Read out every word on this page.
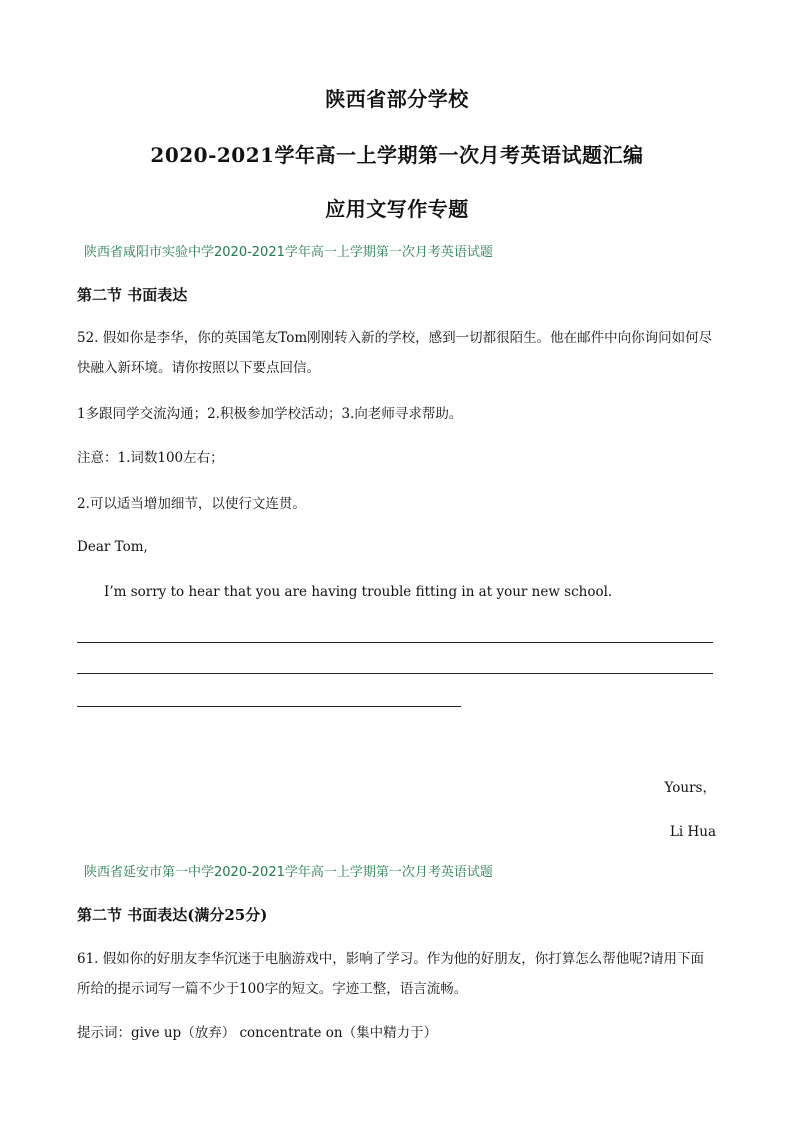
陕西省部分学校
2020-2021学年高一上学期第一次月考英语试题汇编
应用文写作专题
陕西省咸阳市实验中学2020-2021学年高一上学期第一次月考英语试题
第二节 书面表达
52. 假如你是李华，你的英国笔友Tom刚刚转入新的学校，感到一切都很陌生。他在邮件中向你询问如何尽快融入新环境。请你按照以下要点回信。
1多跟同学交流沟通；2.积极参加学校活动；3.向老师寻求帮助。
注意：1.词数100左右；
2.可以适当增加细节，以使行文连贯。
Dear Tom,
I’m sorry to hear that you are having trouble fitting in at your new school.
Yours，
Li Hua
陕西省延安市第一中学2020-2021学年高一上学期第一次月考英语试题
第二节 书面表达(满分25分)
61. 假如你的好朋友李华沉迷于电脑游戏中，影响了学习。作为他的好朋友，你打算怎么帮他呢?请用下面所给的提示词写一篇不少于100字的短文。字迹工整，语言流畅。
提示词：give up（放弃） concentrate on（集中精力于）
